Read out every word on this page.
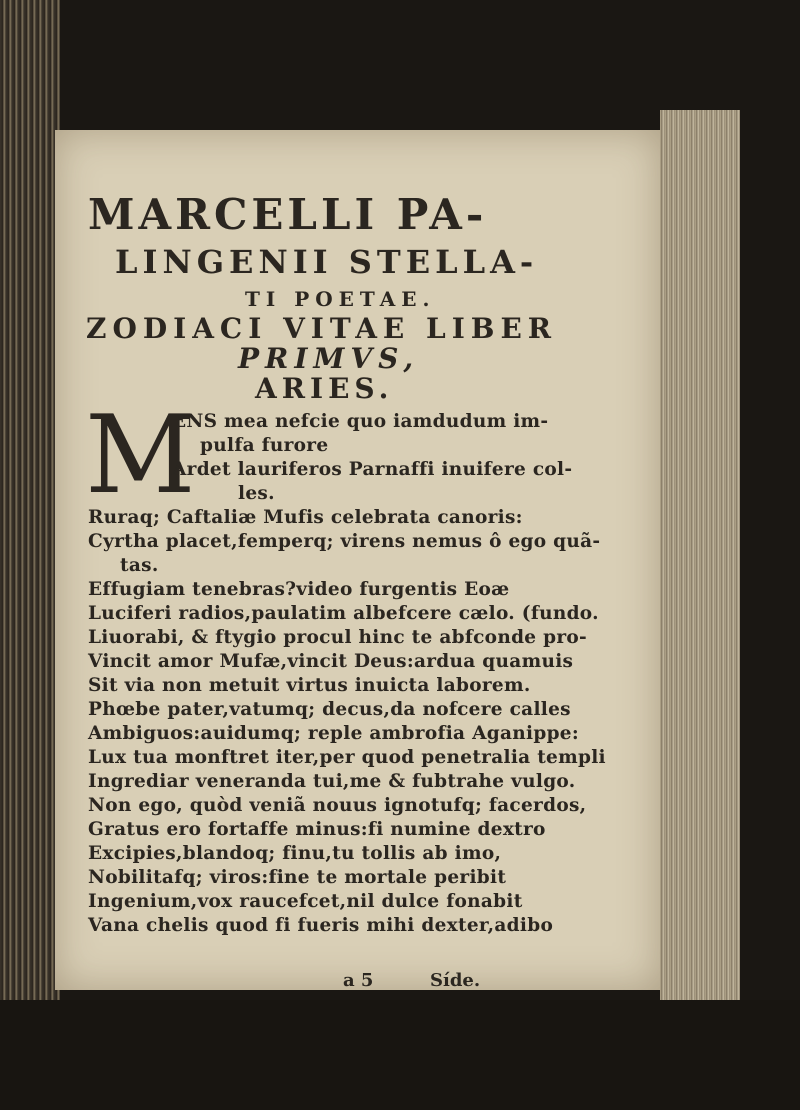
MARCELLI PA-
LINGENII STELLA-
TI POETAE.
ZODIACI VITAE LIBER
PRIMVS,
ARIES.
M
ENS mea nefcie quo iamdudum im-
pulfa furore
Ardet lauriferos Parnaffi inuifere col-
les.
Ruraq; Caftaliæ Mufis celebrata canoris:
Cyrtha placet,femperq; virens nemus ô ego quã-
tas.
Effugiam tenebras?video furgentis Eoæ
Luciferi radios,paulatim albefcere cælo. (fundo.
Liuorabi, & ftygio procul hinc te abfconde pro-
Vincit amor Mufæ,vincit Deus:ardua quamuis
Sit via non metuit virtus inuicta laborem.
Phœbe pater,vatumq; decus,da nofcere calles
Ambiguos:auidumq; reple ambrofia Aganippe:
Lux tua monftret iter,per quod penetralia templi
Ingrediar veneranda tui,me & fubtrahe vulgo.
Non ego, quòd veniã nouus ignotufq; facerdos,
Gratus ero fortaffe minus:fi numine dextro
Excipies,blandoq; finu,tu tollis ab imo,
Nobilitafq; viros:fine te mortale peribit
Ingenium,vox raucefcet,nil dulce fonabit
Vana chelis quod fi fueris mihi dexter,adibo
a 5	Síde.
